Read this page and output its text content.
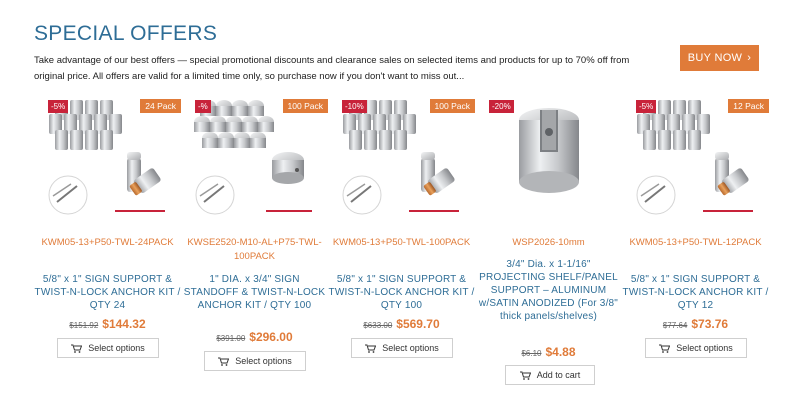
SPECIAL OFFERS

Take advantage of our best offers — special promotional discounts and clearance sales on selected items and products for up to 70% off from original price. All offers are valid for a limited time only, so purchase now if you don't want to miss out...

BUY NOW ›
-5%	24 Pack
KWM05-13+P50-TWL-24PACK
5/8" x 1" SIGN SUPPORT & TWIST-N-LOCK ANCHOR KIT / QTY 24
$151.92 $144.32
Select options
-%	100 Pack
KWSE2520-M10-AL+P75-TWL-100PACK
1" DIA. x 3/4" SIGN STANDOFF & TWIST-N-LOCK ANCHOR KIT / QTY 100
$391.00 $296.00
Select options
-10%	100 Pack
KWM05-13+P50-TWL-100PACK
5/8" x 1" SIGN SUPPORT & TWIST-N-LOCK ANCHOR KIT / QTY 100
$633.00 $569.70
Select options
-20%
WSP2026-10mm
3/4" Dia. x 1-1/16" PROJECTING SHELF/PANEL SUPPORT – ALUMINUM w/SATIN ANODIZED (For 3/8" thick panels/shelves)
$6.10 $4.88
Add to cart
-5%	12 Pack
KWM05-13+P50-TWL-12PACK
5/8" x 1" SIGN SUPPORT & TWIST-N-LOCK ANCHOR KIT / QTY 12
$77.64 $73.76
Select options
